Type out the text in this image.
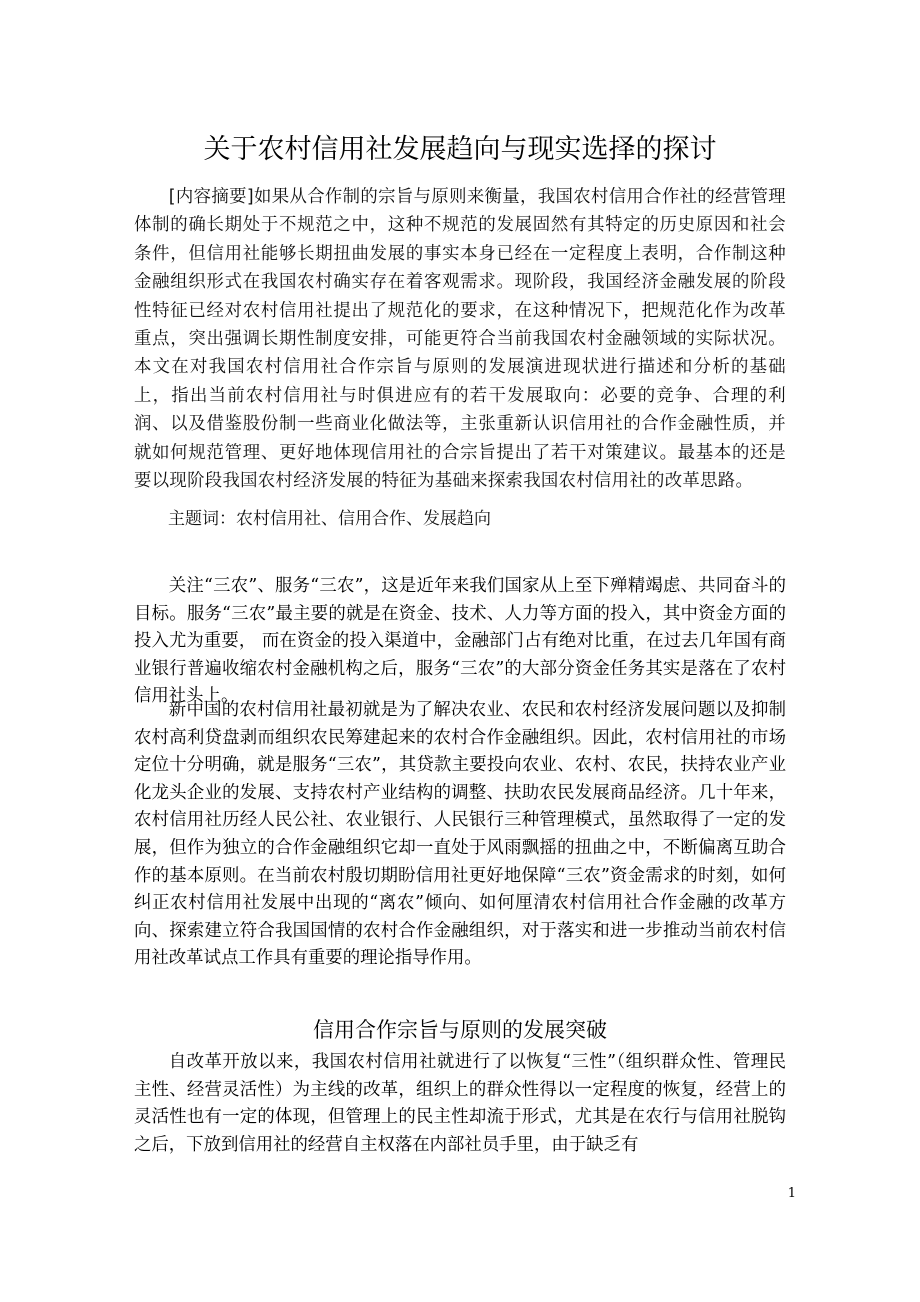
关于农村信用社发展趋向与现实选择的探讨

[内容摘要]如果从合作制的宗旨与原则来衡量，我国农村信用合作社的经营管理体制的确长期处于不规范之中，这种不规范的发展固然有其特定的历史原因和社会条件，但信用社能够长期扭曲发展的事实本身已经在一定程度上表明，合作制这种金融组织形式在我国农村确实存在着客观需求。现阶段，我国经济金融发展的阶段性特征已经对农村信用社提出了规范化的要求，在这种情况下，把规范化作为改革重点，突出强调长期性制度安排，可能更符合当前我国农村金融领域的实际状况。本文在对我国农村信用社合作宗旨与原则的发展演进现状进行描述和分析的基础上，指出当前农村信用社与时俱进应有的若干发展取向：必要的竞争、合理的利润、以及借鉴股份制一些商业化做法等，主张重新认识信用社的合作金融性质，并就如何规范管理、更好地体现信用社的合宗旨提出了若干对策建议。最基本的还是要以现阶段我国农村经济发展的特征为基础来探索我国农村信用社的改革思路。

主题词：农村信用社、信用合作、发展趋向

关注“三农”、服务“三农”，这是近年来我们国家从上至下殚精竭虑、共同奋斗的目标。服务“三农”最主要的就是在资金、技术、人力等方面的投入，其中资金方面的投入尤为重要， 而在资金的投入渠道中，金融部门占有绝对比重，在过去几年国有商业银行普遍收缩农村金融机构之后，服务“三农”的大部分资金任务其实是落在了农村信用社头上。

新中国的农村信用社最初就是为了解决农业、农民和农村经济发展问题以及抑制农村高利贷盘剥而组织农民筹建起来的农村合作金融组织。因此，农村信用社的市场定位十分明确，就是服务“三农”，其贷款主要投向农业、农村、农民，扶持农业产业化龙头企业的发展、支持农村产业结构的调整、扶助农民发展商品经济。几十年来，农村信用社历经人民公社、农业银行、人民银行三种管理模式，虽然取得了一定的发展，但作为独立的合作金融组织它却一直处于风雨飘摇的扭曲之中，不断偏离互助合作的基本原则。在当前农村殷切期盼信用社更好地保障“三农”资金需求的时刻，如何纠正农村信用社发展中出现的“离农”倾向、如何厘清农村信用社合作金融的改革方向、探索建立符合我国国情的农村合作金融组织，对于落实和进一步推动当前农村信用社改革试点工作具有重要的理论指导作用。

信用合作宗旨与原则的发展突破

自改革开放以来，我国农村信用社就进行了以恢复“三性”（组织群众性、管理民主性、经营灵活性）为主线的改革，组织上的群众性得以一定程度的恢复，经营上的灵活性也有一定的体现，但管理上的民主性却流于形式，尤其是在农行与信用社脱钩之后，下放到信用社的经营自主权落在内部社员手里，由于缺乏有

1
